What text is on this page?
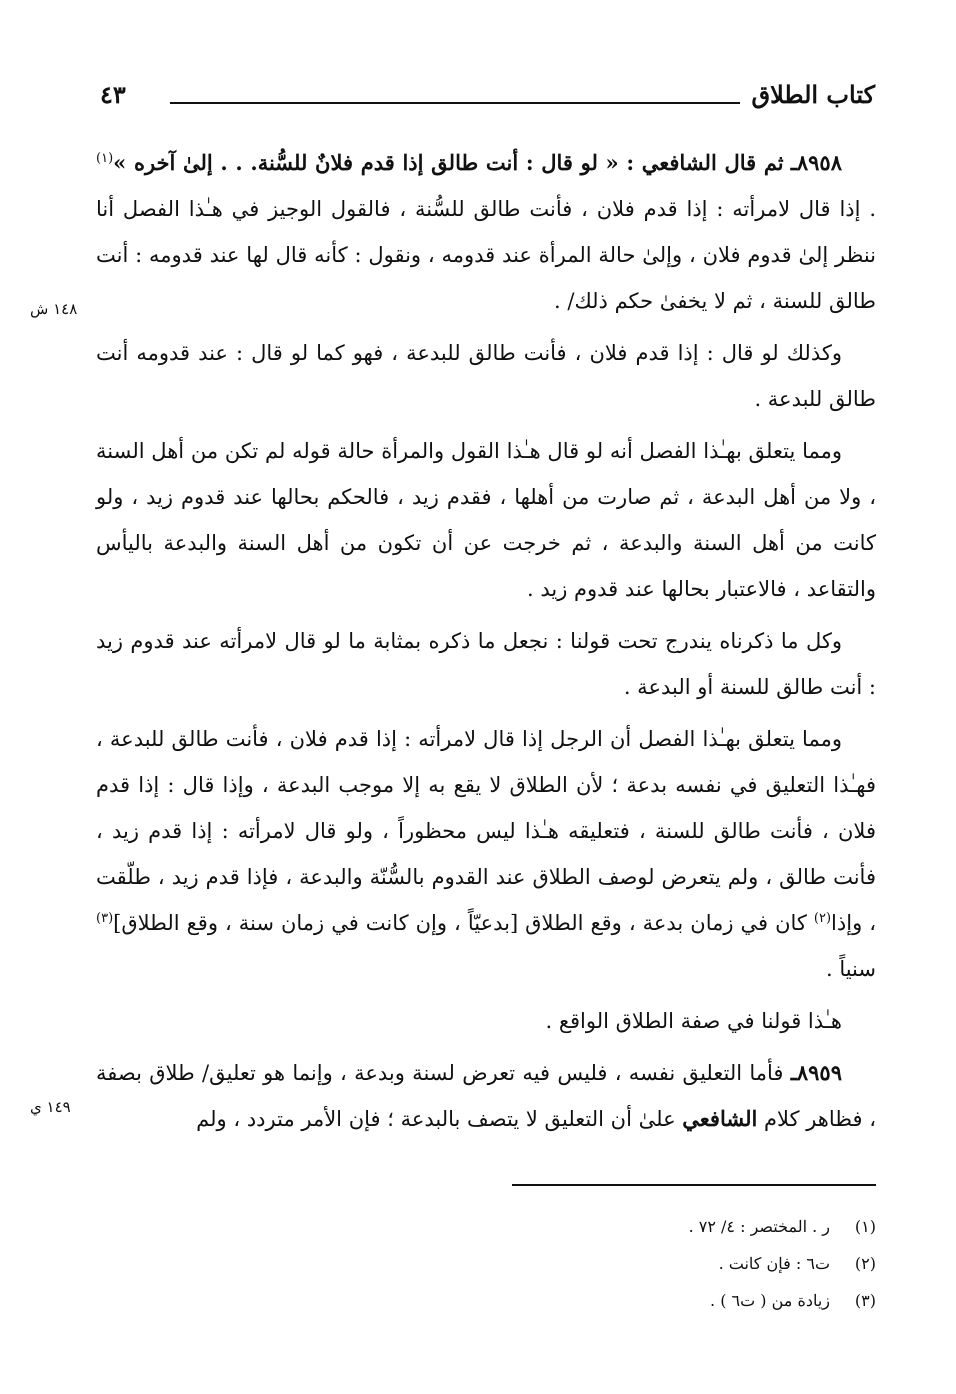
كتاب الطلاق
٤٣
١٤٨ ش
١٤٩ ي

٨٩٥٨ـ ثم قال الشافعي : « لو قال : أنت طالق إذا قدم فلانٌ للسُّنة. . . إلىٰ آخره »$^{(١)}$ . إذا قال لامرأته : إذا قدم فلان ، فأنت طالق للسُّنة ، فالقول الوجيز في هـٰذا الفصل أنا ننظر إلىٰ قدوم فلان ، وإلىٰ حالة المرأة عند قدومه ، ونقول : كأنه قال لها عند قدومه : أنت طالق للسنة ، ثم لا يخفىٰ حكم ذلك/ .

وكذلك لو قال : إذا قدم فلان ، فأنت طالق للبدعة ، فهو كما لو قال : عند قدومه أنت طالق للبدعة .

ومما يتعلق بهـٰذا الفصل أنه لو قال هـٰذا القول والمرأة حالة قوله لم تكن من أهل السنة ، ولا من أهل البدعة ، ثم صارت من أهلها ، فقدم زيد ، فالحكم بحالها عند قدوم زيد ، ولو كانت من أهل السنة والبدعة ، ثم خرجت عن أن تكون من أهل السنة والبدعة باليأس والتقاعد ، فالاعتبار بحالها عند قدوم زيد .

وكل ما ذكرناه يندرج تحت قولنا : نجعل ما ذكره بمثابة ما لو قال لامرأته عند قدوم زيد : أنت طالق للسنة أو البدعة .

ومما يتعلق بهـٰذا الفصل أن الرجل إذا قال لامرأته : إذا قدم فلان ، فأنت طالق للبدعة ، فهـٰذا التعليق في نفسه بدعة ؛ لأن الطلاق لا يقع به إلا موجب البدعة ، وإذا قال : إذا قدم فلان ، فأنت طالق للسنة ، فتعليقه هـٰذا ليس محظوراً ، ولو قال لامرأته : إذا قدم زيد ، فأنت طالق ، ولم يتعرض لوصف الطلاق عند القدوم بالسُّنّة والبدعة ، فإذا قدم زيد ، طلّقت ، وإذا$^{(٢)}$ كان في زمان بدعة ، وقع الطلاق [بدعيّاً ، وإن كانت في زمان سنة ، وقع الطلاق]$^{(٣)}$ سنياً .

هـٰذا قولنا في صفة الطلاق الواقع .

٨٩٥٩ـ فأما التعليق نفسه ، فليس فيه تعرض لسنة وبدعة ، وإنما هو تعليق/ طلاق بصفة ، فظاهر كلام الشافعي علىٰ أن التعليق لا يتصف بالبدعة ؛ فإن الأمر متردد ، ولم

(١)
ر . المختصر : ٤/ ٧٢ .
(٢)
ت٦ : فإن كانت .
(٣)
زيادة من ( ت٦ ) .
